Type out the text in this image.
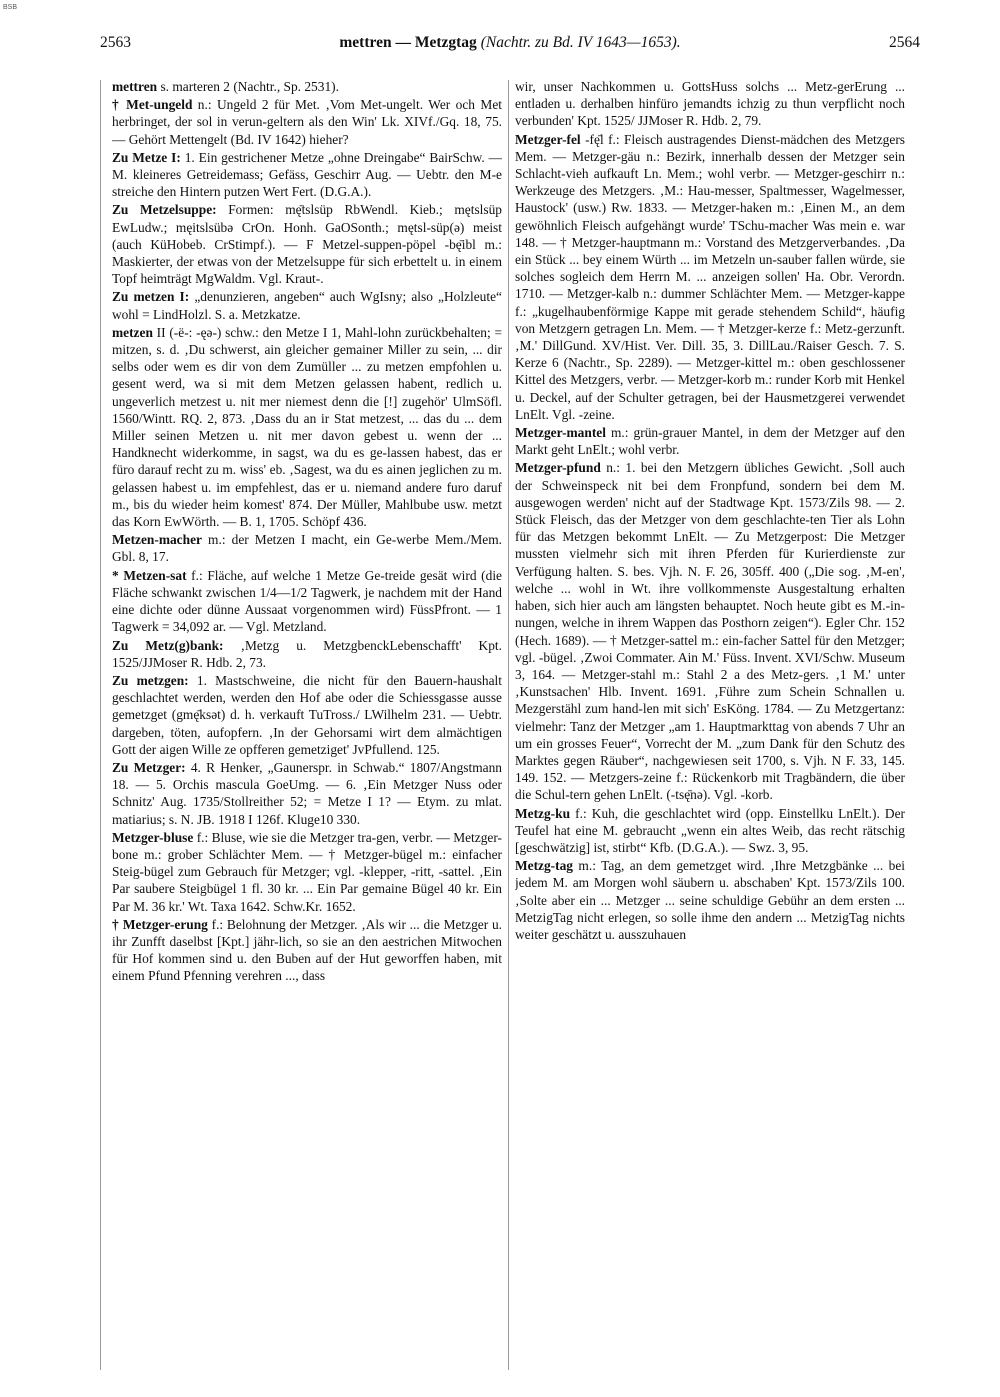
BSB
2563	mettren — Metzgtag (Nachtr. zu Bd. IV 1643—1653).	2564

mettren s. marteren 2 (Nachtr., Sp. 2531).

† Met-ungeld n.: Ungeld 2 für Met. ‚Vom Met-ungelt. Wer och Met herbringet, der sol in verun-geltern als den Win' Lk. XIVf./Gq. 18, 75. — Gehört Mettengelt (Bd. IV 1642) hieher?

Zu Metze I: 1. Ein gestrichener Metze „ohne Dreingabe“ BairSchw. — M. kleineres Getreidemass; Gefäss, Geschirr Aug. — Uebtr. den M-e streiche den Hintern putzen Wert Fert. (D.G.A.).

Zu Metzelsuppe: Formen: mę̄tslsüp RbWendl. Kieb.; mętslsüp EwLudw.; męitslsübə CrOn. Honh. GaOSonth.; mętsl-süp(ə) meist (auch KüHobeb. CrStimpf.). — F Metzel-suppen-pöpel -bę̄ibl m.: Maskierter, der etwas von der Metzelsuppe für sich erbettelt u. in einem Topf heimträgt MgWaldm. Vgl. Kraut-.

Zu metzen I: „denunzieren, angeben“ auch WgIsny; also „Holzleute“ wohl = LindHolzl. S. a. Metzkatze.

metzen II (-ë-: -ęə-) schw.: den Metze I 1, Mahl-lohn zurückbehalten; = mitzen, s. d. ‚Du schwerst, ain gleicher gemainer Miller zu sein, ... dir selbs oder wem es dir von dem Zumüller ... zu metzen empfohlen u. gesent werd, wa si mit dem Metzen gelassen habent, redlich u. ungeverlich metzest u. nit mer niemest denn die [!] zugehör' UlmSöfl. 1560/Wintt. RQ. 2, 873. ‚Dass du an ir Stat metzest, ... das du ... dem Miller seinen Metzen u. nit mer davon gebest u. wenn der ... Handknecht widerkomme, in sagst, wa du es ge-lassen habest, das er füro darauf recht zu m. wiss' eb. ‚Sagest, wa du es ainen jeglichen zu m. gelassen habest u. im empfehlest, das er u. niemand andere furo daruf m., bis du wieder heim komest' 874. Der Müller, Mahlbube usw. metzt das Korn EwWörth. — B. 1, 1705. Schöpf 436.

Metzen-macher m.: der Metzen I macht, ein Ge-werbe Mem./Mem. Gbl. 8, 17.

* Metzen-sat f.: Fläche, auf welche 1 Metze Ge-treide gesät wird (die Fläche schwankt zwischen 1/4—1/2 Tagwerk, je nachdem mit der Hand eine dichte oder dünne Aussaat vorgenommen wird) FüssPfront. — 1 Tagwerk = 34,092 ar. — Vgl. Metzland.

Zu Metz(g)bank: ‚Metzg u. MetzgbenckLebenschafft' Kpt. 1525/JJMoser R. Hdb. 2, 73.

Zu metzgen: 1. Mastschweine, die nicht für den Bauern-haushalt geschlachtet werden, werden den Hof abe oder die Schiessgasse ausse gemetzget (gmę̄ksət) d. h. verkauft TuTross./ LWilhelm 231. — Uebtr. dargeben, töten, aufopfern. ‚In der Gehorsami wirt dem almächtigen Gott der aigen Wille ze opfferen gemetziget' JvPfullend. 125.

Zu Metzger: 4. R Henker, „Gaunerspr. in Schwab.“ 1807/Angstmann 18. — 5. Orchis mascula GoeUmg. — 6. ‚Ein Metzger Nuss oder Schnitz' Aug. 1735/Stollreither 52; = Metze I 1? — Etym. zu mlat. matiarius; s. N. JB. 1918 I 126f. Kluge10 330.

Metzger-bluse f.: Bluse, wie sie die Metzger tra-gen, verbr. — Metzger-bone m.: grober Schlächter Mem. — † Metzger-bügel m.: einfacher Steig-bügel zum Gebrauch für Metzger; vgl. -klepper, -ritt, -sattel. ‚Ein Par saubere Steigbügel 1 fl. 30 kr. ... Ein Par gemaine Bügel 40 kr. Ein Par M. 36 kr.' Wt. Taxa 1642. Schw.Kr. 1652.

† Metzger-erung f.: Belohnung der Metzger. ‚Als wir ... die Metzger u. ihr Zunfft daselbst [Kpt.] jähr-lich, so sie an den aestrichen Mitwochen für Hof kommen sind u. den Buben auf der Hut geworffen haben, mit einem Pfund Pfenning verehren ..., dass

wir, unser Nachkommen u. GottsHuss solchs ... Metz-gerErung ... entladen u. derhalben hinfüro jemandts ichzig zu thun verpflicht noch verbunden' Kpt. 1525/ JJMoser R. Hdb. 2, 79.

Metzger-fel -fę̄l f.: Fleisch austragendes Dienst-mädchen des Metzgers Mem. — Metzger-gäu n.: Bezirk, innerhalb dessen der Metzger sein Schlacht-vieh aufkauft Ln. Mem.; wohl verbr. — Metzger-geschirr n.: Werkzeuge des Metzgers. ‚M.: Hau-messer, Spaltmesser, Wagelmesser, Haustock' (usw.) Rw. 1833. — Metzger-haken m.: ‚Einen M., an dem gewöhnlich Fleisch aufgehängt wurde' TSchu-macher Was mein e. war 148. — † Metzger-hauptmann m.: Vorstand des Metzgerverbandes. ‚Da ein Stück ... bey einem Würth ... im Metzeln un-sauber fallen würde, sie solches sogleich dem Herrn M. ... anzeigen sollen' Ha. Obr. Verordn. 1710. — Metzger-kalb n.: dummer Schlächter Mem. — Metzger-kappe f.: „kugelhaubenförmige Kappe mit gerade stehendem Schild“, häufig von Metzgern getragen Ln. Mem. — † Metzger-kerze f.: Metz-gerzunft. ‚M.' DillGund. XV/Hist. Ver. Dill. 35, 3. DillLau./Raiser Gesch. 7. S. Kerze 6 (Nachtr., Sp. 2289). — Metzger-kittel m.: oben geschlossener Kittel des Metzgers, verbr. — Metzger-korb m.: runder Korb mit Henkel u. Deckel, auf der Schulter getragen, bei der Hausmetzgerei verwendet LnElt. Vgl. -zeine.

Metzger-mantel m.: grün-grauer Mantel, in dem der Metzger auf den Markt geht LnElt.; wohl verbr.

Metzger-pfund n.: 1. bei den Metzgern übliches Gewicht. ‚Soll auch der Schweinspeck nit bei dem Fronpfund, sondern bei dem M. ausgewogen werden' nicht auf der Stadtwage Kpt. 1573/Zils 98. — 2. Stück Fleisch, das der Metzger von dem geschlachte-ten Tier als Lohn für das Metzgen bekommt LnElt. — Zu Metzgerpost: Die Metzger mussten vielmehr sich mit ihren Pferden für Kurierdienste zur Verfügung halten. S. bes. Vjh. N. F. 26, 305ff. 400 („Die sog. ‚M-en', welche ... wohl in Wt. ihre vollkommenste Ausgestaltung erhalten haben, sich hier auch am längsten behauptet. Noch heute gibt es M.-in-nungen, welche in ihrem Wappen das Posthorn zeigen“). Egler Chr. 152 (Hech. 1689). — † Metzger-sattel m.: ein-facher Sattel für den Metzger; vgl. -bügel. ‚Zwoi Commater. Ain M.' Füss. Invent. XVI/Schw. Museum 3, 164. — Metzger-stahl m.: Stahl 2 a des Metz-gers. ‚1 M.' unter ‚Kunstsachen' Hlb. Invent. 1691. ‚Führe zum Schein Schnallen u. Mezgerstähl zum hand-len mit sich' EsKöng. 1784. — Zu Metzgertanz: vielmehr: Tanz der Metzger „am 1. Hauptmarkttag von abends 7 Uhr an um ein grosses Feuer“, Vorrecht der M. „zum Dank für den Schutz des Marktes gegen Räuber“, nachgewiesen seit 1700, s. Vjh. N F. 33, 145. 149. 152. — Metzgers-zeine f.: Rückenkorb mit Tragbändern, die über die Schul-tern gehen LnElt. (-tsę̄nə). Vgl. -korb.

Metzg-ku f.: Kuh, die geschlachtet wird (opp. Einstellku LnElt.). Der Teufel hat eine M. gebraucht „wenn ein altes Weib, das recht rätschig [geschwätzig] ist, stirbt“ Kfb. (D.G.A.). — Swz. 3, 95.

Metzg-tag m.: Tag, an dem gemetzget wird. ‚Ihre Metzgbänke ... bei jedem M. am Morgen wohl säubern u. abschaben' Kpt. 1573/Zils 100. ‚Solte aber ein ... Metzger ... seine schuldige Gebühr an dem ersten ... MetzigTag nicht erlegen, so solle ihme den andern ... MetzigTag nichts weiter geschätzt u. ausszuhauen
